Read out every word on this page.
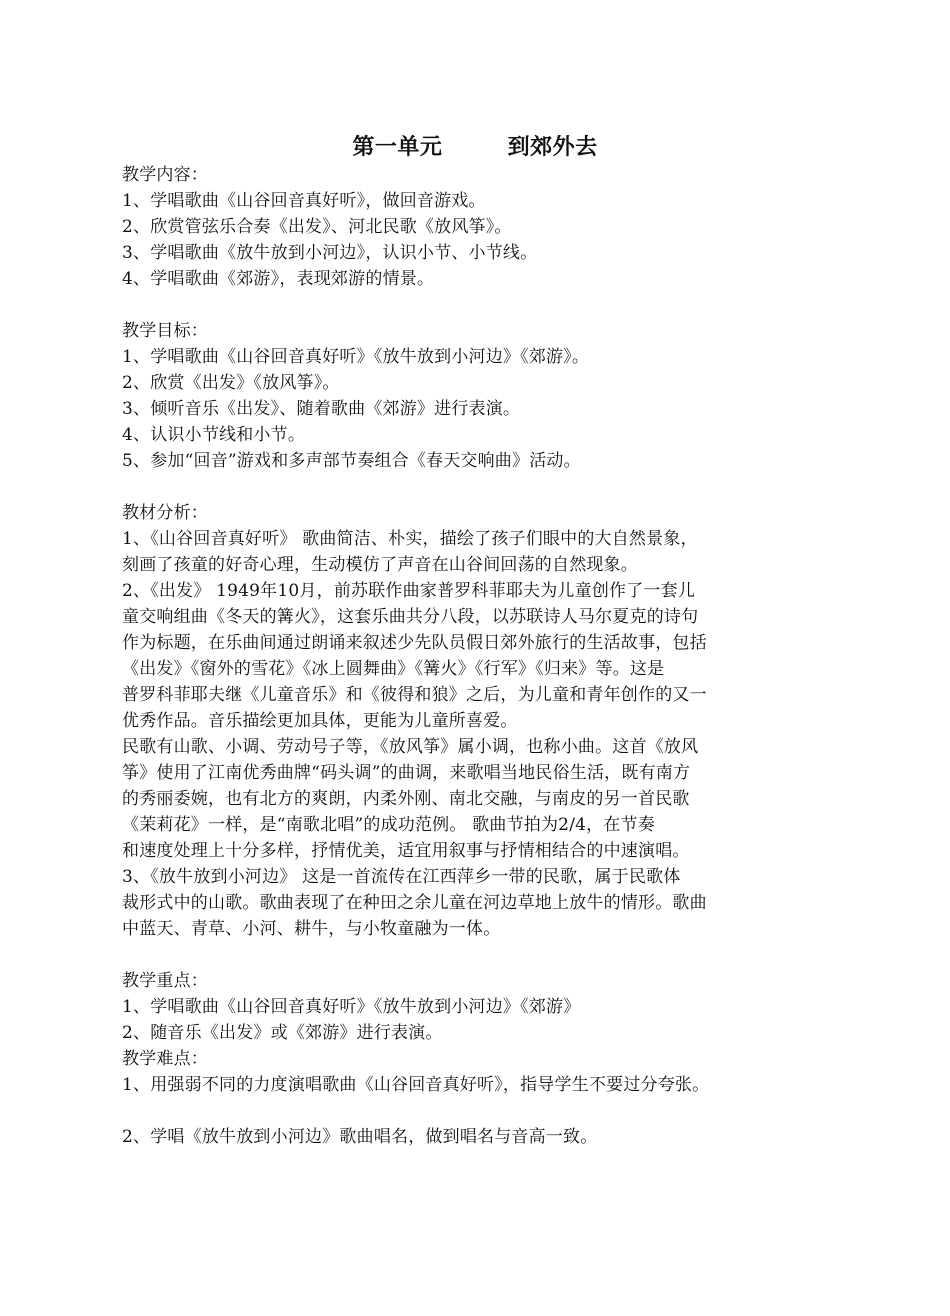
第一单元        到郊外去

教学内容：

1、学唱歌曲《山谷回音真好听》，做回音游戏。

2、欣赏管弦乐合奏《出发》、河北民歌《放风筝》。

3、学唱歌曲《放牛放到小河边》，认识小节、小节线。

4、学唱歌曲《郊游》，表现郊游的情景。

教学目标：

1、学唱歌曲《山谷回音真好听》《放牛放到小河边》《郊游》。

2、欣赏《出发》《放风筝》。

3、倾听音乐《出发》、随着歌曲《郊游》进行表演。

4、认识小节线和小节。

5、参加“回音”游戏和多声部节奏组合《春天交响曲》活动。

教材分析：

1、《山谷回音真好听》 歌曲简洁、朴实，描绘了孩子们眼中的大自然景象，

刻画了孩童的好奇心理，生动模仿了声音在山谷间回荡的自然现象。

2、《出发》 1949年10月，前苏联作曲家普罗科菲耶夫为儿童创作了一套儿

童交响组曲《冬天的篝火》，这套乐曲共分八段，以苏联诗人马尔夏克的诗句

作为标题，在乐曲间通过朗诵来叙述少先队员假日郊外旅行的生活故事，包括

《出发》《窗外的雪花》《冰上圆舞曲》《篝火》《行军》《归来》等。这是

普罗科菲耶夫继《儿童音乐》和《彼得和狼》之后，为儿童和青年创作的又一

优秀作品。音乐描绘更加具体，更能为儿童所喜爱。

民歌有山歌、小调、劳动号子等，《放风筝》属小调，也称小曲。这首《放风

筝》使用了江南优秀曲牌“码头调”的曲调，来歌唱当地民俗生活，既有南方

的秀丽委婉，也有北方的爽朗，内柔外刚、南北交融，与南皮的另一首民歌

《茉莉花》一样，是“南歌北唱”的成功范例。 歌曲节拍为2/4，在节奏

和速度处理上十分多样，抒情优美，适宜用叙事与抒情相结合的中速演唱。

3、《放牛放到小河边》 这是一首流传在江西萍乡一带的民歌，属于民歌体

裁形式中的山歌。歌曲表现了在种田之余儿童在河边草地上放牛的情形。歌曲

中蓝天、青草、小河、耕牛，与小牧童融为一体。

教学重点：

1、学唱歌曲《山谷回音真好听》《放牛放到小河边》《郊游》

2、随音乐《出发》或《郊游》进行表演。

教学难点：

1、用强弱不同的力度演唱歌曲《山谷回音真好听》，指导学生不要过分夸张。

2、学唱《放牛放到小河边》歌曲唱名，做到唱名与音高一致。
